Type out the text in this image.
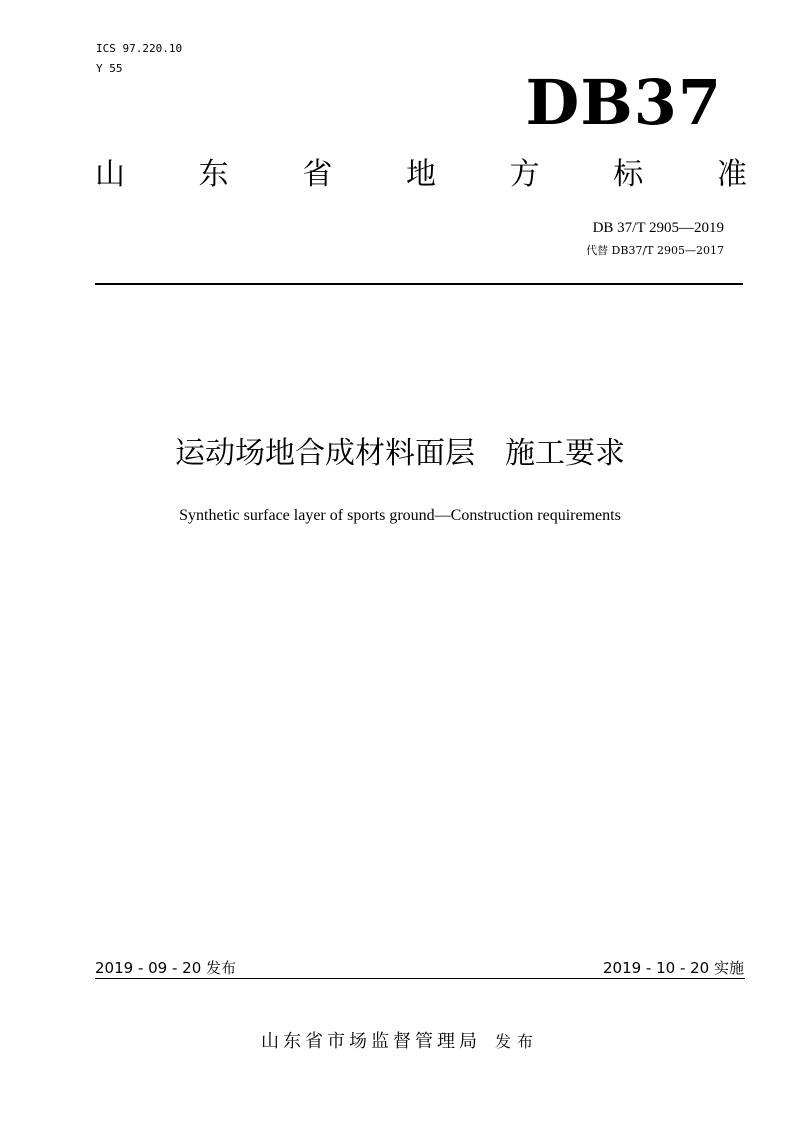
ICS 97.220.10
Y 55	DB37
山 东 省 地 方 标 准
DB 37/T 2905—2019
代替 DB37/T 2905—2017
运动场地合成材料面层　施工要求
Synthetic surface layer of sports ground—Construction requirements
2019 - 09 - 20 发布	2019 - 10 - 20 实施
山东省市场监督管理局 发布
